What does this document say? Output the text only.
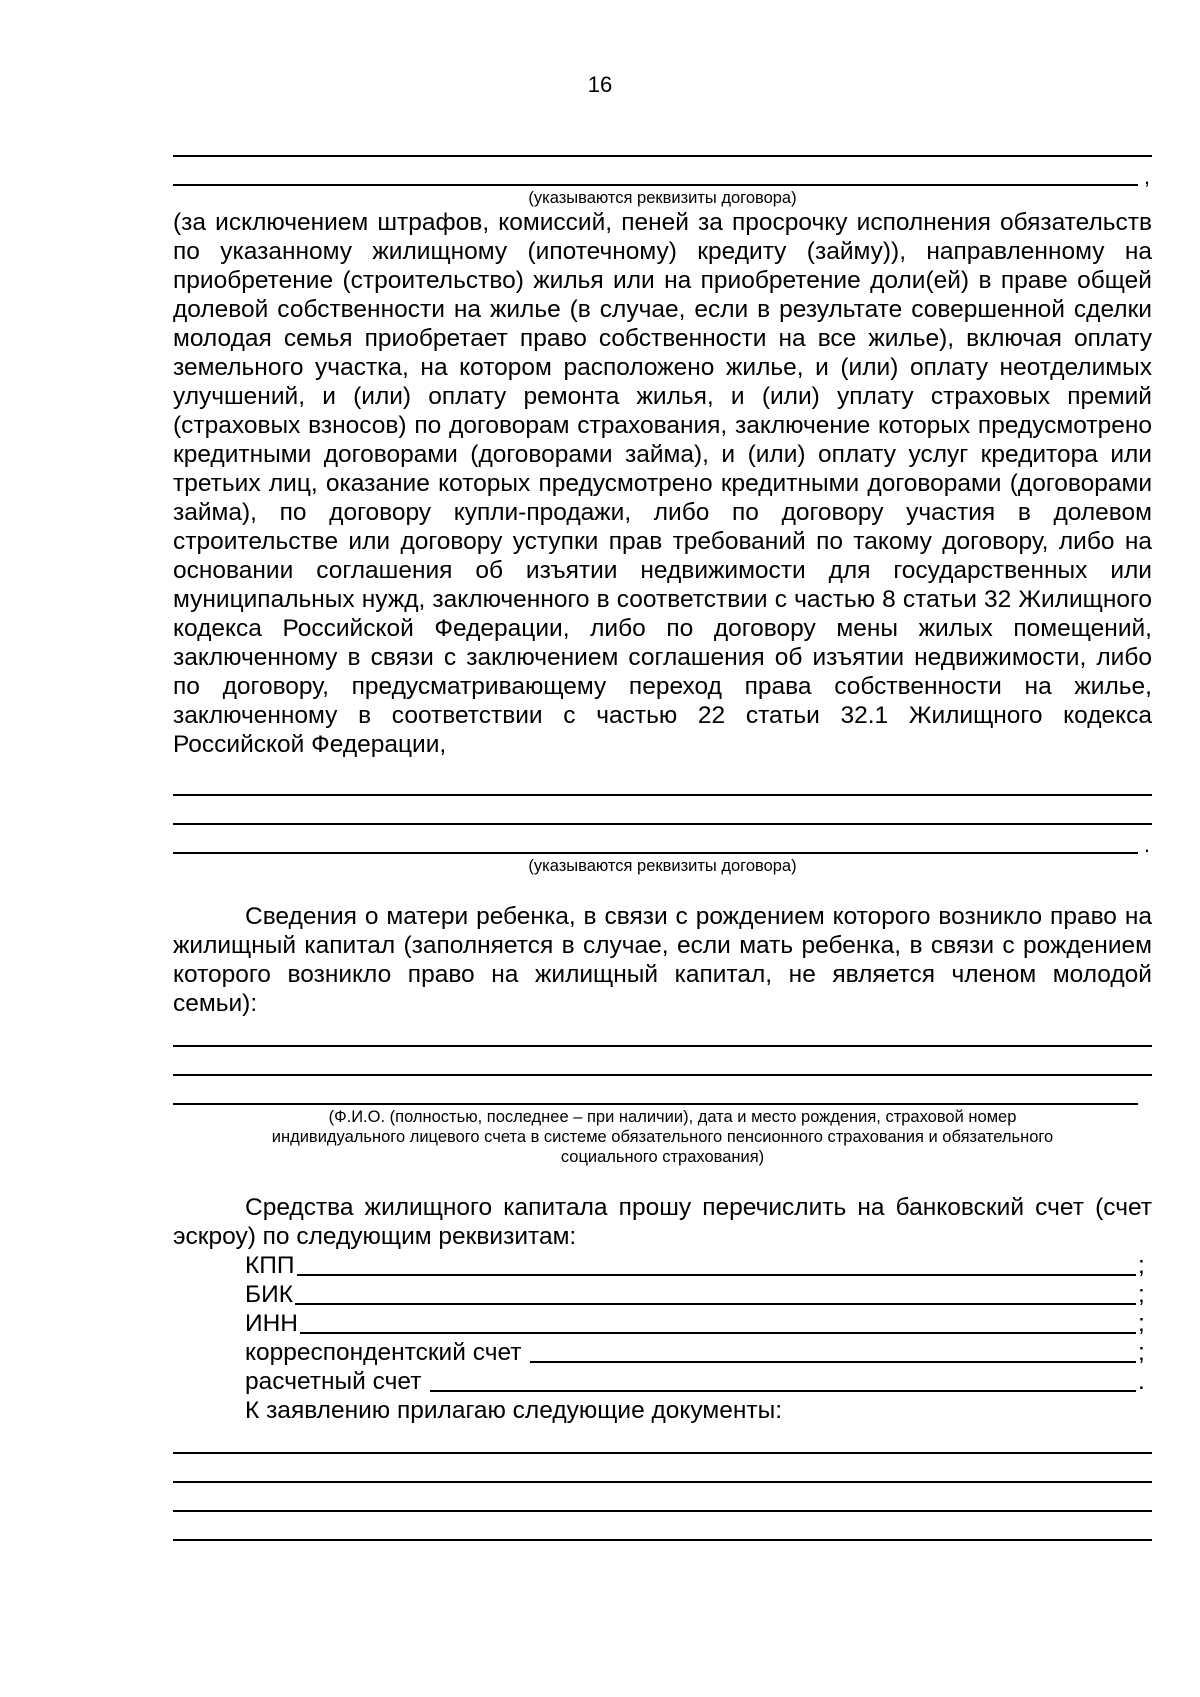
16
,
(указываются реквизиты договора)

(за исключением штрафов, комиссий, пеней за просрочку исполнения обязательств по указанному жилищному (ипотечному) кредиту (займу)), направленному на приобретение (строительство) жилья или на приобретение доли(ей) в праве общей долевой собственности на жилье (в случае, если в результате совершенной сделки молодая семья приобретает право собственности на все жилье), включая оплату земельного участка, на котором расположено жилье, и (или) оплату неотделимых улучшений, и (или) оплату ремонта жилья, и (или) уплату страховых премий (страховых взносов) по договорам страхования, заключение которых предусмотрено кредитными договорами (договорами займа), и (или) оплату услуг кредитора или третьих лиц, оказание которых предусмотрено кредитными договорами (договорами займа), по договору купли-продажи, либо по договору участия в долевом строительстве или договору уступки прав требований по такому договору, либо на основании соглашения об изъятии недвижимости для государственных или муниципальных нужд, заключенного в соответствии с частью 8 статьи 32 Жилищного кодекса Российской Федерации, либо по договору мены жилых помещений, заключенному в связи с заключением соглашения об изъятии недвижимости, либо по договору, предусматривающему переход права собственности на жилье, заключенному в соответствии с частью 22 статьи 32.1 Жилищного кодекса Российской Федерации,

.
(указываются реквизиты договора)

Сведения о матери ребенка, в связи с рождением которого возникло право на жилищный капитал (заполняется в случае, если мать ребенка, в связи с рождением которого возникло право на жилищный капитал, не является членом молодой семьи):

(Ф.И.О. (полностью, последнее – при наличии), дата и место рождения, страховой номер
индивидуального лицевого счета в системе обязательного пенсионного страхования и обязательного
социального страхования)

Средства жилищного капитала прошу перечислить на банковский счет (счет эскроу) по следующим реквизитам:

КПП	;
БИК	;
ИНН	;
корреспондентский счет	;
расчетный счет	.
К заявлению прилагаю следующие документы:
